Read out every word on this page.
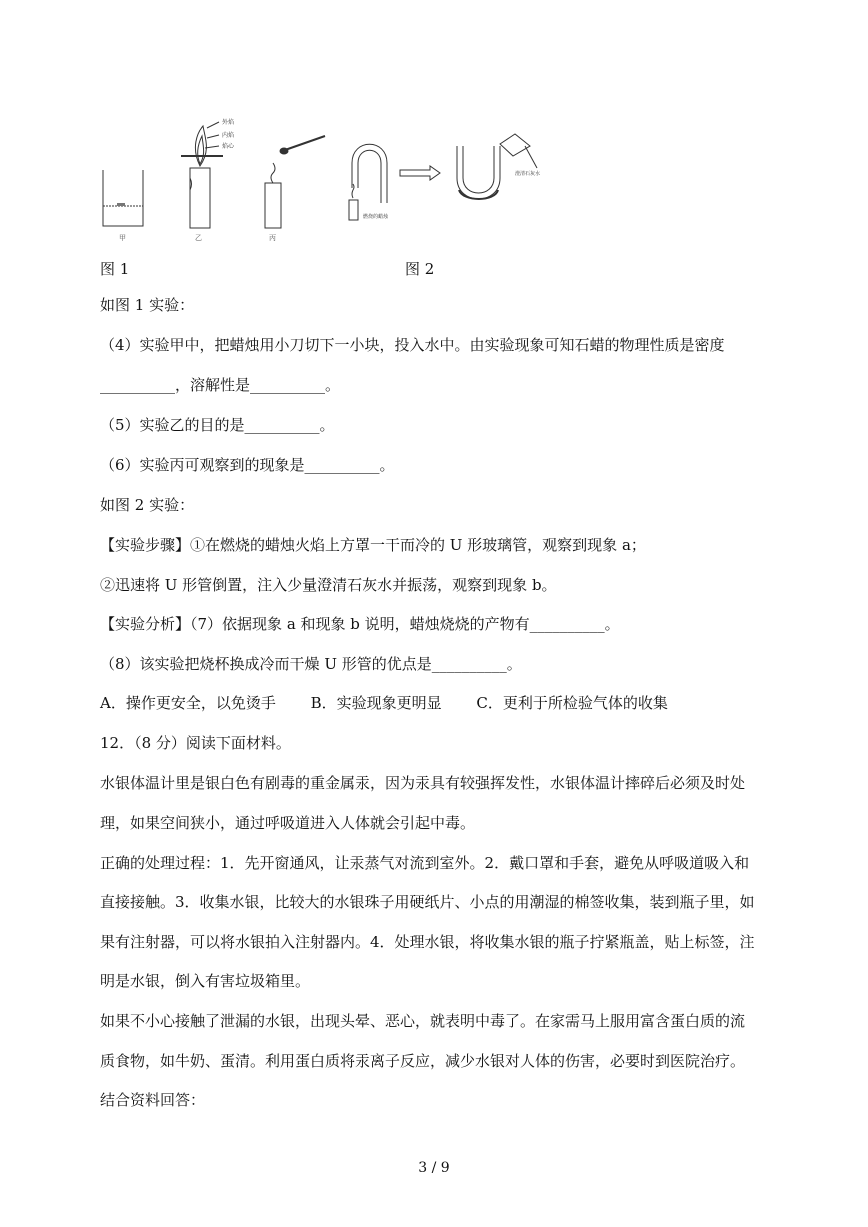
甲
外焰
内焰
焰心
乙	丙
燃烧的蜡烛
澄清石灰水
图 1	图 2
如图 1 实验：
（4）实验甲中，把蜡烛用小刀切下一小块，投入水中。由实验现象可知石蜡的物理性质是密度
__________，溶解性是__________。
（5）实验乙的目的是__________。
（6）实验丙可观察到的现象是__________。
如图 2 实验：
【实验步骤】①在燃烧的蜡烛火焰上方罩一干而冷的 U 形玻璃管，观察到现象 a；
②迅速将 U 形管倒置，注入少量澄清石灰水并振荡，观察到现象 b。
【实验分析】（7）依据现象 a 和现象 b 说明，蜡烛烧烧的产物有__________。
（8）该实验把烧杯换成冷而干燥 U 形管的优点是__________。
A．操作更安全，以免烫手　　 B．实验现象更明显　　 C．更利于所检验气体的收集
12．（8 分）阅读下面材料。
水银体温计里是银白色有剧毒的重金属汞，因为汞具有较强挥发性，水银体温计摔碎后必须及时处
理，如果空间狭小，通过呼吸道进入人体就会引起中毒。
正确的处理过程：1．先开窗通风，让汞蒸气对流到室外。2．戴口罩和手套，避免从呼吸道吸入和
直接接触。3．收集水银，比较大的水银珠子用硬纸片、小点的用潮湿的棉签收集，装到瓶子里，如
果有注射器，可以将水银拍入注射器内。4．处理水银，将收集水银的瓶子拧紧瓶盖，贴上标签，注
明是水银，倒入有害垃圾箱里。
如果不小心接触了泄漏的水银，出现头晕、恶心，就表明中毒了。在家需马上服用富含蛋白质的流
质食物，如牛奶、蛋清。利用蛋白质将汞离子反应，减少水银对人体的伤害，必要时到医院治疗。
结合资料回答：
3 / 9
